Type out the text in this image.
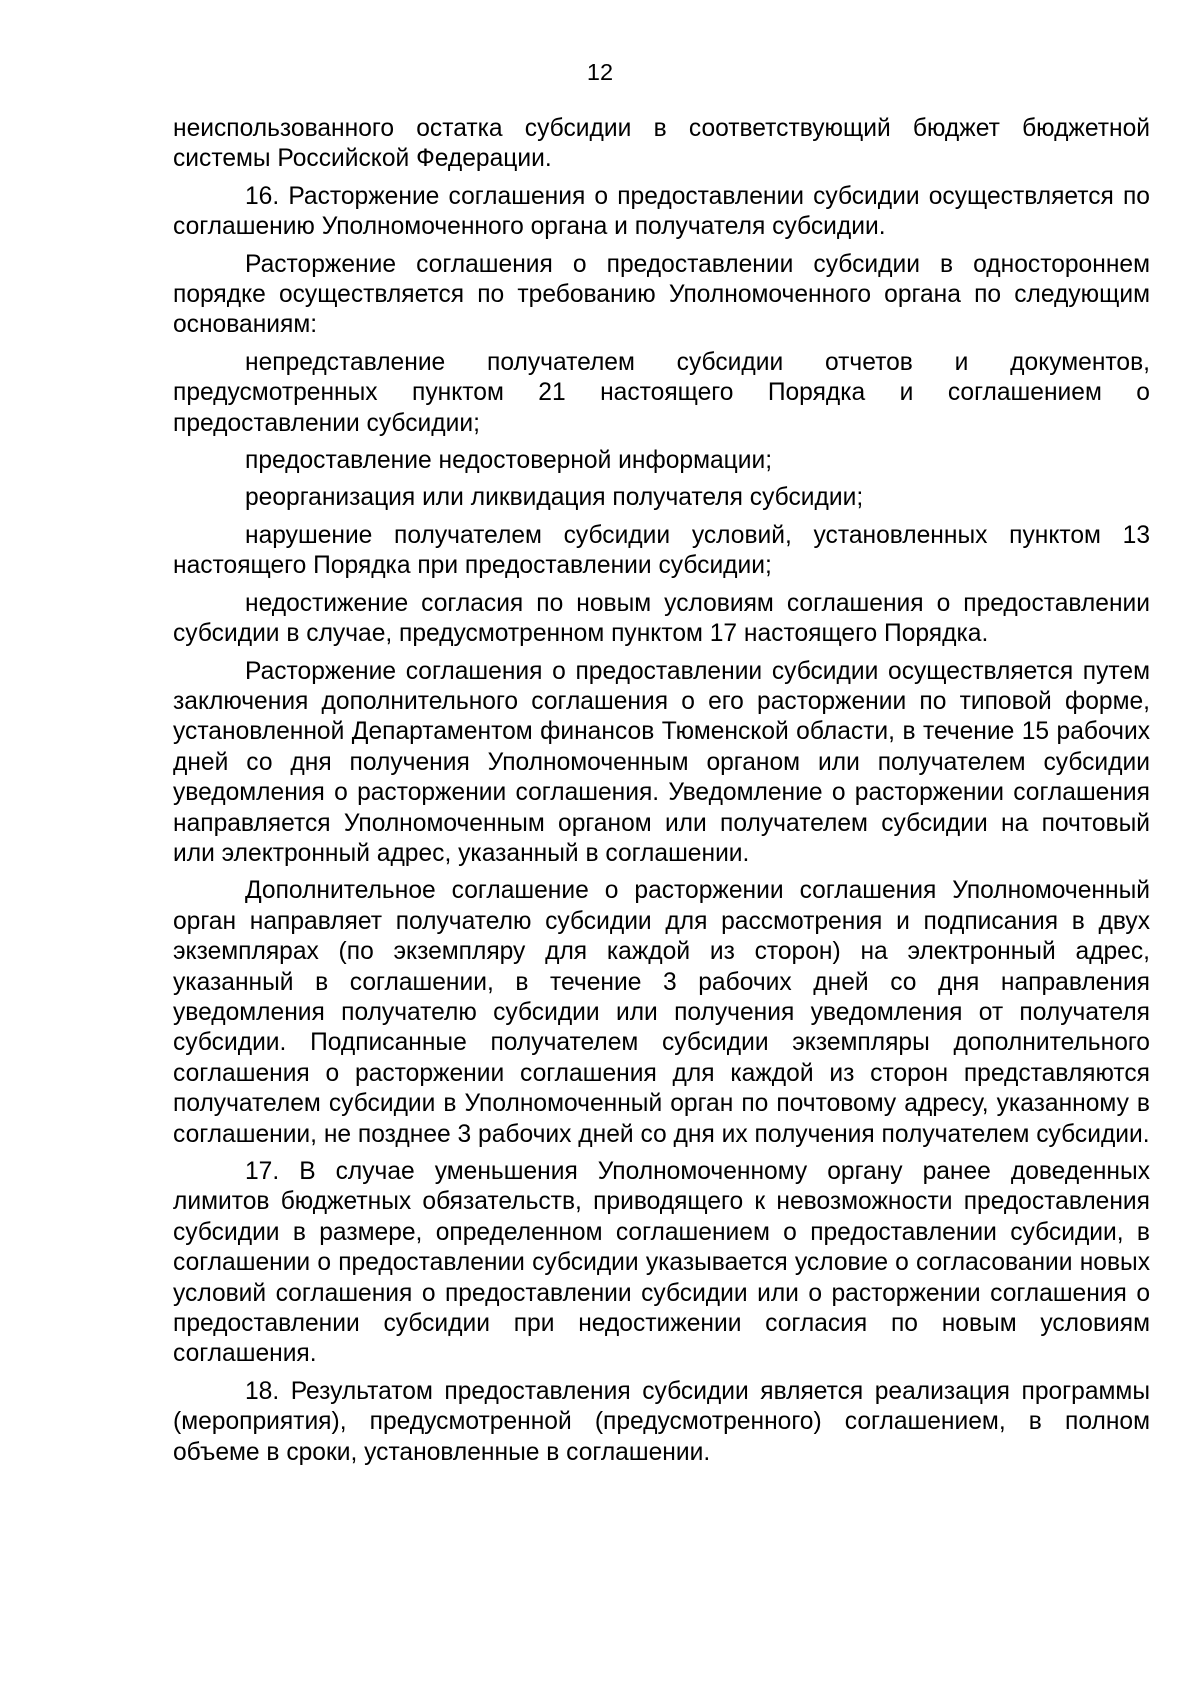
12

неиспользованного остатка субсидии в соответствующий бюджет бюджетной системы Российской Федерации.

16. Расторжение соглашения о предоставлении субсидии осуществляется по соглашению Уполномоченного органа и получателя субсидии.

Расторжение соглашения о предоставлении субсидии в одностороннем порядке осуществляется по требованию Уполномоченного органа по следующим основаниям:

непредставление получателем субсидии отчетов и документов, предусмотренных пунктом 21 настоящего Порядка и соглашением о предоставлении субсидии;

предоставление недостоверной информации;

реорганизация или ликвидация получателя субсидии;

нарушение получателем субсидии условий, установленных пунктом 13 настоящего Порядка при предоставлении субсидии;

недостижение согласия по новым условиям соглашения о предоставлении субсидии в случае, предусмотренном пунктом 17 настоящего Порядка.

Расторжение соглашения о предоставлении субсидии осуществляется путем заключения дополнительного соглашения о его расторжении по типовой форме, установленной Департаментом финансов Тюменской области, в течение 15 рабочих дней со дня получения Уполномоченным органом или получателем субсидии уведомления о расторжении соглашения. Уведомление о расторжении соглашения направляется Уполномоченным органом или получателем субсидии на почтовый или электронный адрес, указанный в соглашении.

Дополнительное соглашение о расторжении соглашения Уполномоченный орган направляет получателю субсидии для рассмотрения и подписания в двух экземплярах (по экземпляру для каждой из сторон) на электронный адрес, указанный в соглашении, в течение 3 рабочих дней со дня направления уведомления получателю субсидии или получения уведомления от получателя субсидии. Подписанные получателем субсидии экземпляры дополнительного соглашения о расторжении соглашения для каждой из сторон представляются получателем субсидии в Уполномоченный орган по почтовому адресу, указанному в соглашении, не позднее 3 рабочих дней со дня их получения получателем субсидии.

17. В случае уменьшения Уполномоченному органу ранее доведенных лимитов бюджетных обязательств, приводящего к невозможности предоставления субсидии в размере, определенном соглашением о предоставлении субсидии, в соглашении о предоставлении субсидии указывается условие о согласовании новых условий соглашения о предоставлении субсидии или о расторжении соглашения о предоставлении субсидии при недостижении согласия по новым условиям соглашения.

18. Результатом предоставления субсидии является реализация программы (мероприятия), предусмотренной (предусмотренного) соглашением, в полном объеме в сроки, установленные в соглашении.
